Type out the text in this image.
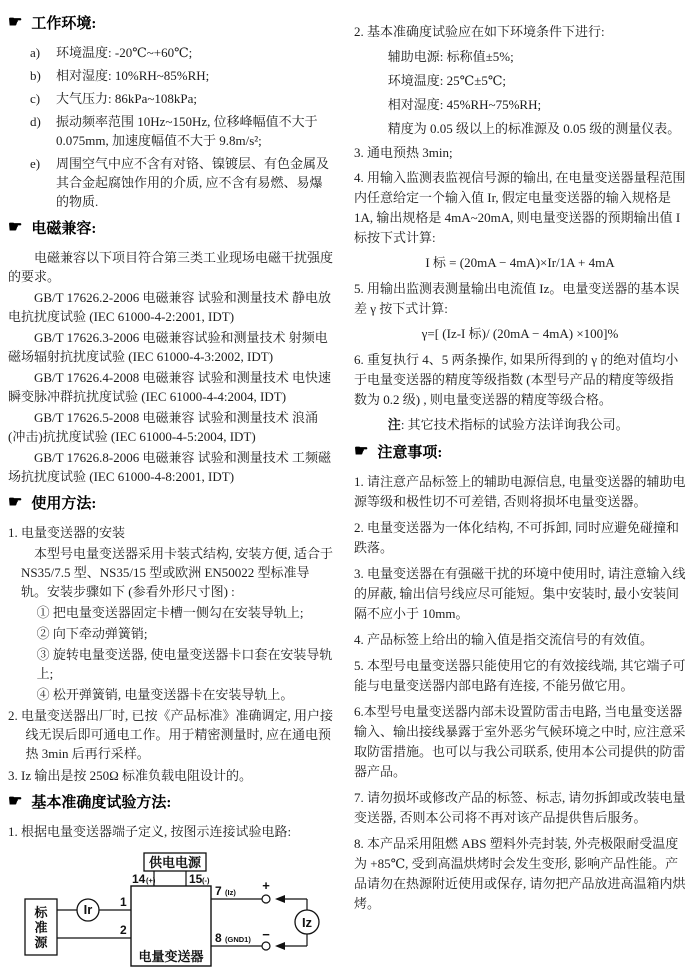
☛ 工作环境:
a)	环境温度: -20℃~+60℃;
b)	相对湿度: 10%RH~85%RH;
c)	大气压力: 86kPa~108kPa;
d)	振动频率范围 10Hz~150Hz, 位移峰幅值不大于 0.075mm, 加速度幅值不大于 9.8m/s²;
e)	周围空气中应不含有对铬、镍镀层、有色金属及其合金起腐蚀作用的介质, 应不含有易燃、易爆的物质.
☛ 电磁兼容:

电磁兼容以下项目符合第三类工业现场电磁干扰强度的要求。

GB/T 17626.2-2006 电磁兼容 试验和测量技术 静电放电抗扰度试验 (IEC 61000-4-2:2001, IDT)

GB/T 17626.3-2006 电磁兼容试验和测量技术 射频电磁场辐射抗扰度试验 (IEC 61000-4-3:2002, IDT)

GB/T 17626.4-2008 电磁兼容 试验和测量技术 电快速瞬变脉冲群抗扰度试验 (IEC 61000-4-4:2004, IDT)

GB/T 17626.5-2008 电磁兼容 试验和测量技术 浪涌(冲击)抗扰度试验 (IEC 61000-4-5:2004, IDT)

GB/T 17626.8-2006 电磁兼容 试验和测量技术 工频磁场抗扰度试验 (IEC 61000-4-8:2001, IDT)

☛ 使用方法:

1. 电量变送器的安装

本型号电量变送器采用卡装式结构, 安装方便, 适合于 NS35/7.5 型、NS35/15 型或欧洲 EN50022 型标准导轨。安装步骤如下 (参看外形尺寸图) :

① 把电量变送器固定卡槽一侧勾在安装导轨上;
② 向下牵动弹簧销;
③ 旋转电量变送器, 使电量变送器卡口套在安装导轨上;
④ 松开弹簧销, 电量变送器卡在安装导轨上。

2. 电量变送器出厂时, 已按《产品标准》准确调定, 用户接线无误后即可通电工作。用于精密测量时, 应在通电预热 3min 后再行采样。

3. Iz 输出是按 250Ω 标准负载电阻设计的。

☛ 基本准确度试验方法:

1. 根据电量变送器端子定义, 按图示连接试验电路:

供电电源
14 (+)	15 (-)
电量变送器
标
准
源
Ir 1
2
7 (Iz) +
8 (GND1) −
Iz

2. 基本准确度试验应在如下环境条件下进行:

辅助电源: 标称值±5%;
环境温度: 25℃±5℃;
相对湿度: 45%RH~75%RH;
精度为 0.05 级以上的标准源及 0.05 级的测量仪表。

3. 通电预热 3min;

4. 用输入监测表监视信号源的输出, 在电量变送器量程范围内任意给定一个输入值 Ir, 假定电量变送器的输入规格是 1A, 输出规格是 4mA~20mA, 则电量变送器的预期输出值 I 标按下式计算:

I 标 = (20mA − 4mA)×Ir/1A + 4mA

5. 用输出监测表测量输出电流值 Iz。电量变送器的基本误差 γ 按下式计算:

γ=[ (Iz-I 标)/ (20mA − 4mA) ×100]%

6. 重复执行 4、5 两条操作, 如果所得到的 γ 的绝对值均小于电量变送器的精度等级指数 (本型号产品的精度等级指数为 0.2 级) , 则电量变送器的精度等级合格。

注: 其它技术指标的试验方法详询我公司。
☛ 注意事项:

1. 请注意产品标签上的辅助电源信息, 电量变送器的辅助电源等级和极性切不可差错, 否则将损坏电量变送器。

2. 电量变送器为一体化结构, 不可拆卸, 同时应避免碰撞和跌落。

3. 电量变送器在有强磁干扰的环境中使用时, 请注意输入线的屏蔽, 输出信号线应尽可能短。集中安装时, 最小安装间隔不应小于 10mm。

4. 产品标签上给出的输入值是指交流信号的有效值。

5. 本型号电量变送器只能使用它的有效接线端, 其它端子可能与电量变送器内部电路有连接, 不能另做它用。

6.本型号电量变送器内部未设置防雷击电路, 当电量变送器输入、输出接线暴露于室外恶劣气候环境之中时, 应注意采取防雷措施。也可以与我公司联系, 使用本公司提供的防雷器产品。

7. 请勿损坏或修改产品的标签、标志, 请勿拆卸或改装电量变送器, 否则本公司将不再对该产品提供售后服务。

8. 本产品采用阻燃 ABS 塑料外壳封装, 外壳极限耐受温度为 +85℃, 受到高温烘烤时会发生变形, 影响产品性能。产品请勿在热源附近使用或保存, 请勿把产品放进高温箱内烘烤。
